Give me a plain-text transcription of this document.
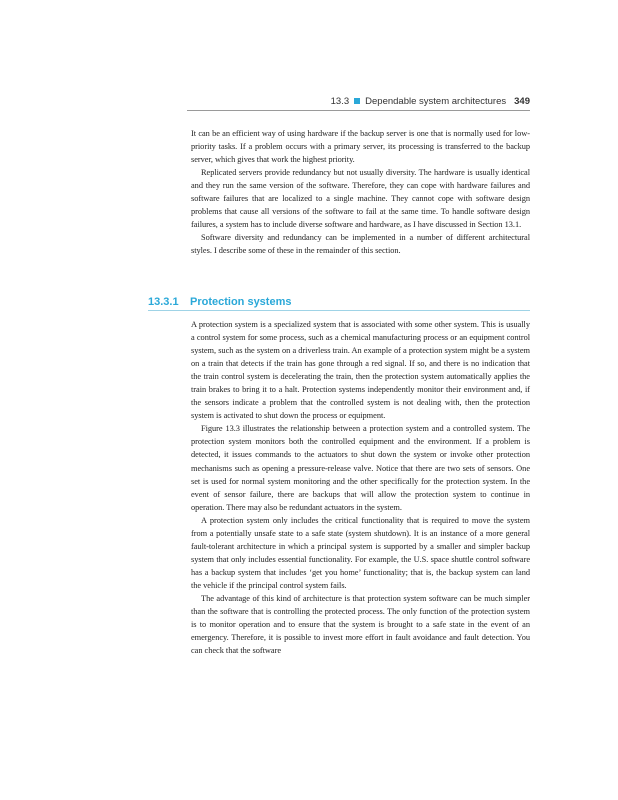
13.3 Dependable system architectures 349

It can be an efficient way of using hardware if the backup server is one that is normally used for low-priority tasks. If a problem occurs with a primary server, its processing is transferred to the backup server, which gives that work the highest priority.

Replicated servers provide redundancy but not usually diversity. The hardware is usually identical and they run the same version of the software. Therefore, they can cope with hardware failures and software failures that are localized to a single machine. They cannot cope with software design problems that cause all versions of the software to fail at the same time. To handle software design failures, a system has to include diverse software and hardware, as I have discussed in Section 13.1.

Software diversity and redundancy can be implemented in a number of different architectural styles. I describe some of these in the remainder of this section.

13.3.1 Protection systems

A protection system is a specialized system that is associated with some other system. This is usually a control system for some process, such as a chemical manufacturing process or an equipment control system, such as the system on a driverless train. An example of a protection system might be a system on a train that detects if the train has gone through a red signal. If so, and there is no indication that the train control system is decelerating the train, then the protection system automatically applies the train brakes to bring it to a halt. Protection systems independently monitor their environment and, if the sensors indicate a problem that the controlled system is not dealing with, then the protection system is activated to shut down the process or equipment.

Figure 13.3 illustrates the relationship between a protection system and a controlled system. The protection system monitors both the controlled equipment and the environment. If a problem is detected, it issues commands to the actuators to shut down the system or invoke other protection mechanisms such as opening a pressure-release valve. Notice that there are two sets of sensors. One set is used for normal system monitoring and the other specifically for the protection system. In the event of sensor failure, there are backups that will allow the protection system to continue in operation. There may also be redundant actuators in the system.

A protection system only includes the critical functionality that is required to move the system from a potentially unsafe state to a safe state (system shutdown). It is an instance of a more general fault-tolerant architecture in which a principal system is supported by a smaller and simpler backup system that only includes essential functionality. For example, the U.S. space shuttle control software has a backup system that includes ‘get you home’ functionality; that is, the backup system can land the vehicle if the principal control system fails.

The advantage of this kind of architecture is that protection system software can be much simpler than the software that is controlling the protected process. The only function of the protection system is to monitor operation and to ensure that the system is brought to a safe state in the event of an emergency. Therefore, it is possible to invest more effort in fault avoidance and fault detection. You can check that the software
